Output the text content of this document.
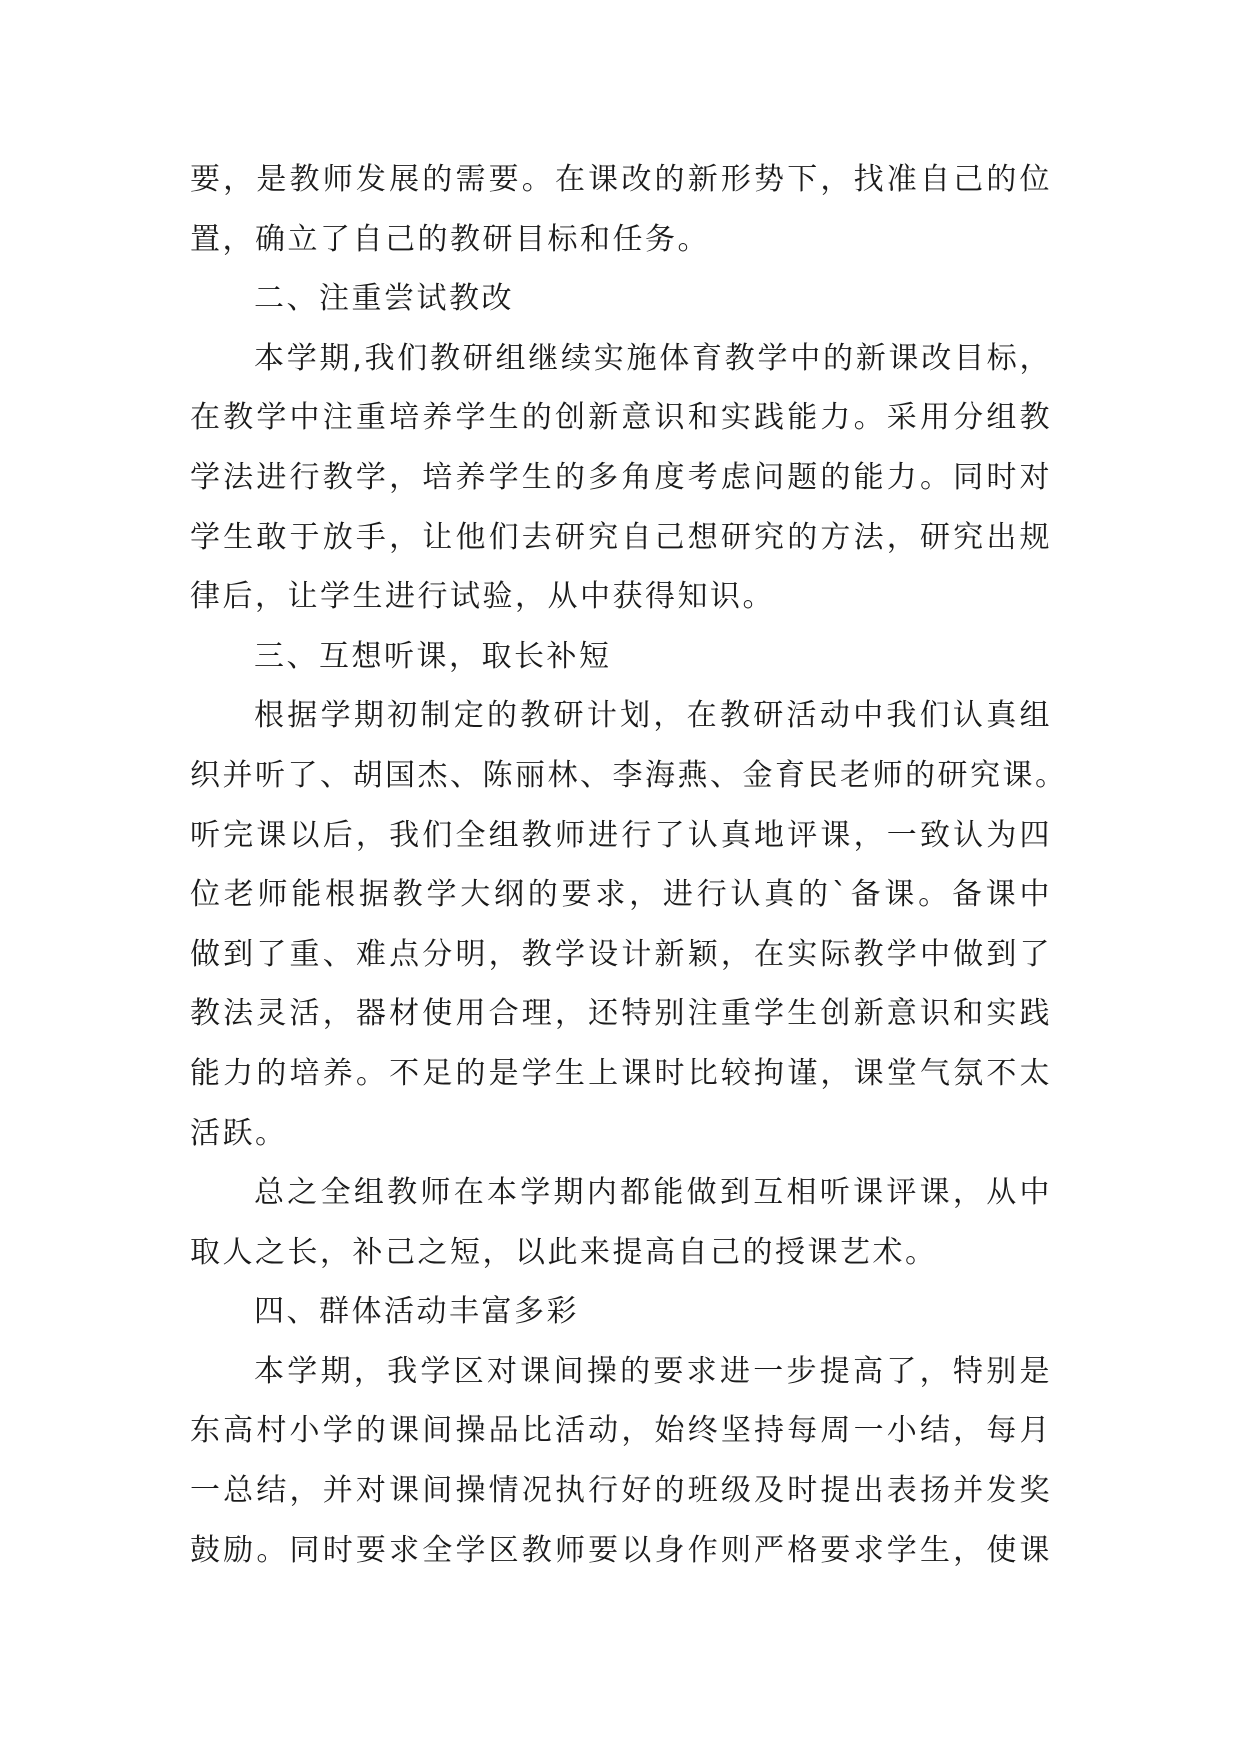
要，是教师发展的需要。在课改的新形势下，找准自己的位
置，确立了自己的教研目标和任务。
二、注重尝试教改
本学期,我们教研组继续实施体育教学中的新课改目标，
在教学中注重培养学生的创新意识和实践能力。采用分组教
学法进行教学，培养学生的多角度考虑问题的能力。同时对
学生敢于放手，让他们去研究自己想研究的方法，研究出规
律后，让学生进行试验，从中获得知识。
三、互想听课，取长补短
根据学期初制定的教研计划，在教研活动中我们认真组
织并听了、胡国杰、陈丽林、李海燕、金育民老师的研究课。
听完课以后，我们全组教师进行了认真地评课，一致认为四
位老师能根据教学大纲的要求，进行认真的`备课。备课中
做到了重、难点分明，教学设计新颖，在实际教学中做到了
教法灵活，器材使用合理，还特别注重学生创新意识和实践
能力的培养。不足的是学生上课时比较拘谨，课堂气氛不太
活跃。
总之全组教师在本学期内都能做到互相听课评课，从中
取人之长，补己之短，以此来提高自己的授课艺术。
四、群体活动丰富多彩
本学期，我学区对课间操的要求进一步提高了，特别是
东高村小学的课间操品比活动，始终坚持每周一小结，每月
一总结，并对课间操情况执行好的班级及时提出表扬并发奖
鼓励。同时要求全学区教师要以身作则严格要求学生，使课
